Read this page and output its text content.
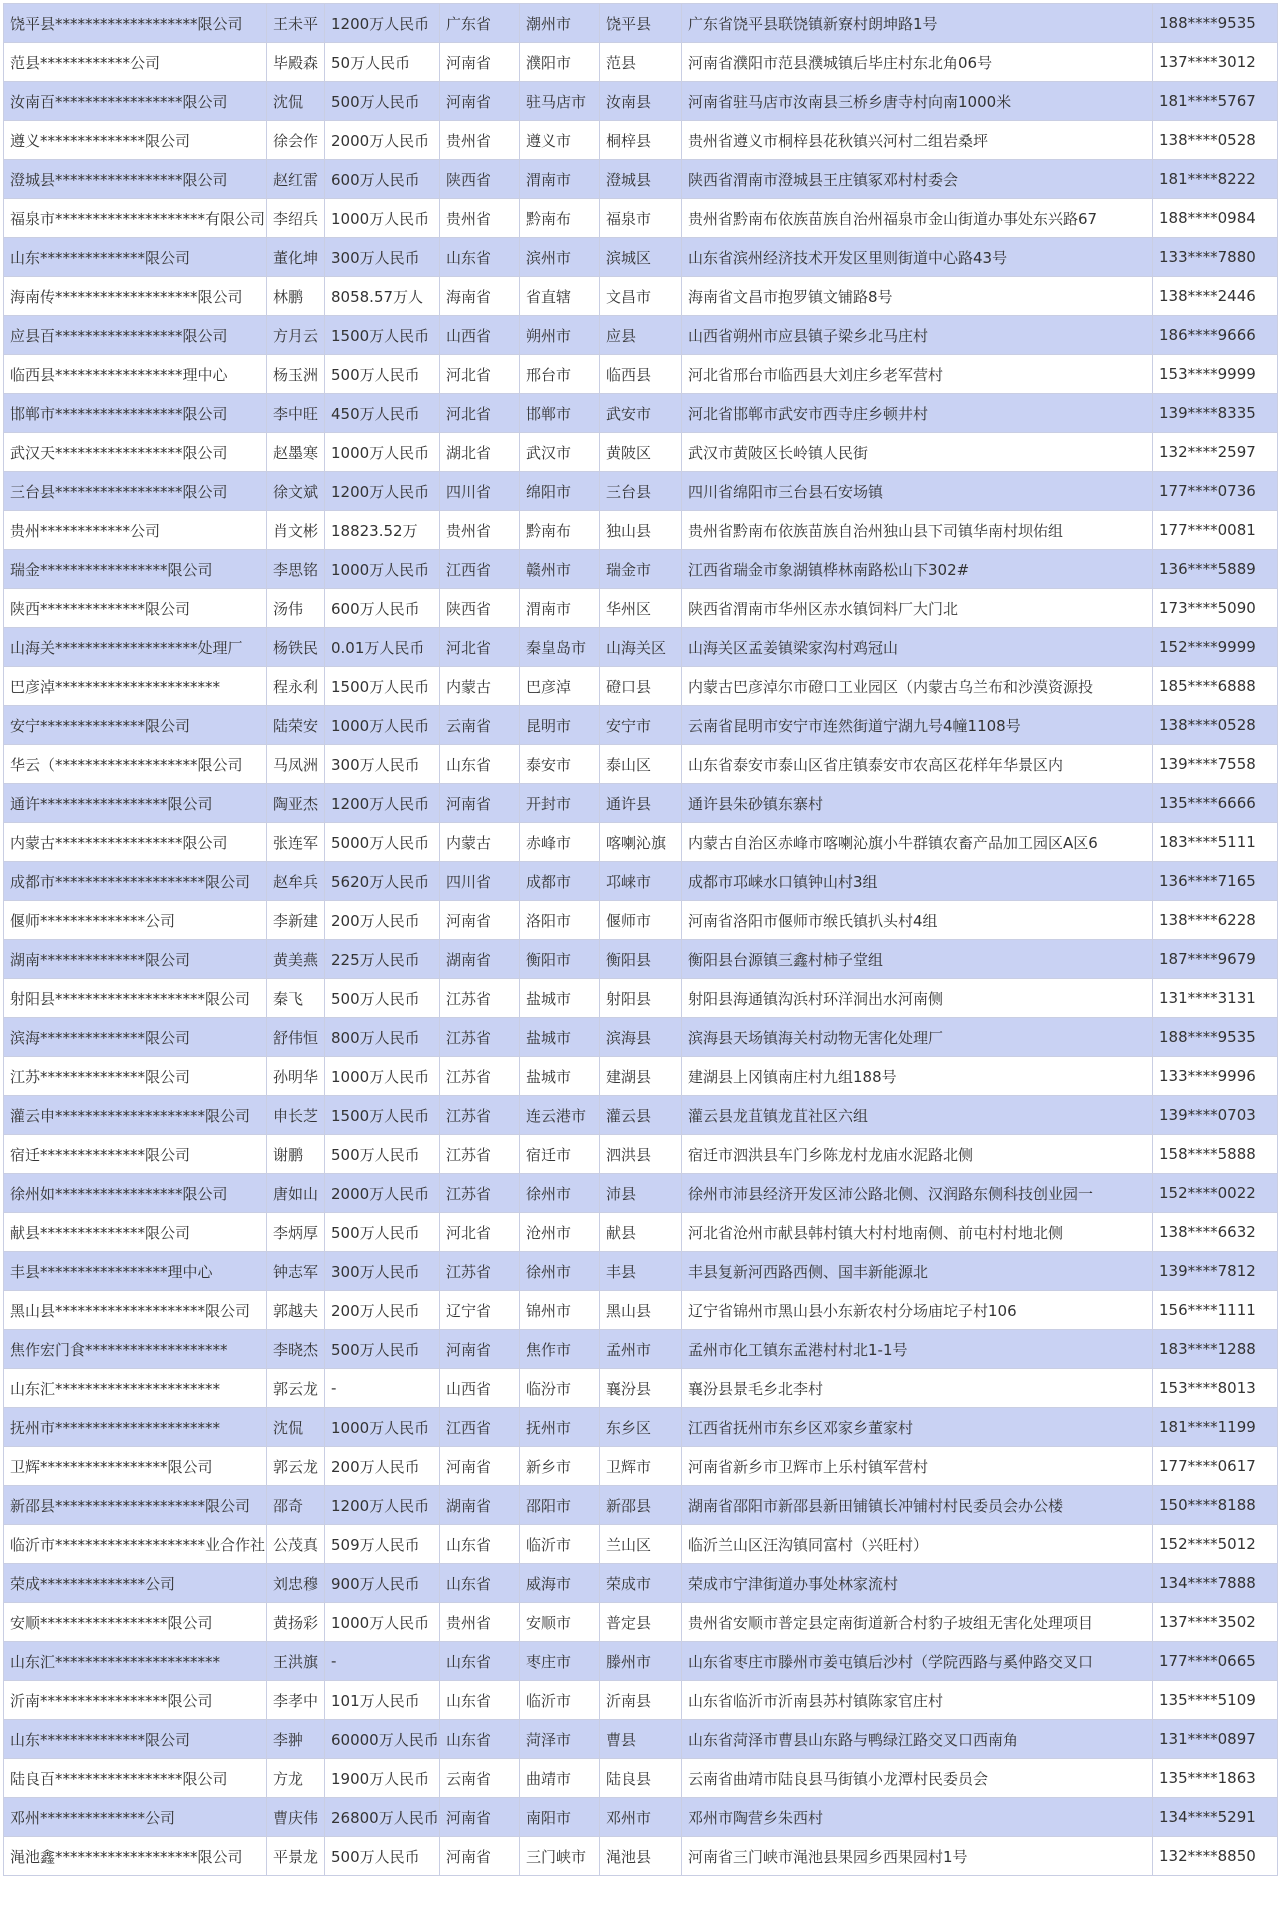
饶平县*******************限公司	王未平	1200万人民币	广东省	潮州市	饶平县	广东省饶平县联饶镇新寮村朗坤路1号	188****9535
范县************公司	毕殿森	50万人民币	河南省	濮阳市	范县	河南省濮阳市范县濮城镇后毕庄村东北角06号	137****3012
汝南百*****************限公司	沈侃	500万人民币	河南省	驻马店市	汝南县	河南省驻马店市汝南县三桥乡唐寺村向南1000米	181****5767
遵义**************限公司	徐会作	2000万人民币	贵州省	遵义市	桐梓县	贵州省遵义市桐梓县花秋镇兴河村二组岩桑坪	138****0528
澄城县*****************限公司	赵红雷	600万人民币	陕西省	渭南市	澄城县	陕西省渭南市澄城县王庄镇冢邓村村委会	181****8222
福泉市********************有限公司	李绍兵	1000万人民币	贵州省	黔南布	福泉市	贵州省黔南布依族苗族自治州福泉市金山街道办事处东兴路67	188****0984
山东**************限公司	董化坤	300万人民币	山东省	滨州市	滨城区	山东省滨州经济技术开发区里则街道中心路43号	133****7880
海南传*******************限公司	林鹏	8058.57万人	海南省	省直辖	文昌市	海南省文昌市抱罗镇文铺路8号	138****2446
应县百*****************限公司	方月云	1500万人民币	山西省	朔州市	应县	山西省朔州市应县镇子梁乡北马庄村	186****9666
临西县*****************理中心	杨玉洲	500万人民币	河北省	邢台市	临西县	河北省邢台市临西县大刘庄乡老军营村	153****9999
邯郸市*****************限公司	李中旺	450万人民币	河北省	邯郸市	武安市	河北省邯郸市武安市西寺庄乡顿井村	139****8335
武汉天*****************限公司	赵墨寒	1000万人民币	湖北省	武汉市	黄陂区	武汉市黄陂区长岭镇人民街	132****2597
三台县*****************限公司	徐文斌	1200万人民币	四川省	绵阳市	三台县	四川省绵阳市三台县石安场镇	177****0736
贵州************公司	肖文彬	18823.52万	贵州省	黔南布	独山县	贵州省黔南布依族苗族自治州独山县下司镇华南村坝佑组	177****0081
瑞金*****************限公司	李思铭	1000万人民币	江西省	赣州市	瑞金市	江西省瑞金市象湖镇桦林南路松山下302#	136****5889
陕西**************限公司	汤伟	600万人民币	陕西省	渭南市	华州区	陕西省渭南市华州区赤水镇饲料厂大门北	173****5090
山海关*******************处理厂	杨铁民	0.01万人民币	河北省	秦皇岛市	山海关区	山海关区孟姜镇梁家沟村鸡冠山	152****9999
巴彦淖**********************	程永利	1500万人民币	内蒙古	巴彦淖	磴口县	内蒙古巴彦淖尔市磴口工业园区（内蒙古乌兰布和沙漠资源投	185****6888
安宁**************限公司	陆荣安	1000万人民币	云南省	昆明市	安宁市	云南省昆明市安宁市连然街道宁湖九号4幢1108号	138****0528
华云（*******************限公司	马凤洲	300万人民币	山东省	泰安市	泰山区	山东省泰安市泰山区省庄镇泰安市农高区花样年华景区内	139****7558
通许*****************限公司	陶亚杰	1200万人民币	河南省	开封市	通许县	通许县朱砂镇东寨村	135****6666
内蒙古*****************限公司	张连军	5000万人民币	内蒙古	赤峰市	喀喇沁旗	内蒙古自治区赤峰市喀喇沁旗小牛群镇农畜产品加工园区A区6	183****5111
成都市********************限公司	赵牟兵	5620万人民币	四川省	成都市	邛崃市	成都市邛崃水口镇钟山村3组	136****7165
偃师**************公司	李新建	200万人民币	河南省	洛阳市	偃师市	河南省洛阳市偃师市缑氏镇扒头村4组	138****6228
湖南**************限公司	黄美燕	225万人民币	湖南省	衡阳市	衡阳县	衡阳县台源镇三鑫村柿子堂组	187****9679
射阳县********************限公司	秦飞	500万人民币	江苏省	盐城市	射阳县	射阳县海通镇沟浜村环洋洞出水河南侧	131****3131
滨海**************限公司	舒伟恒	800万人民币	江苏省	盐城市	滨海县	滨海县天场镇海关村动物无害化处理厂	188****9535
江苏**************限公司	孙明华	1000万人民币	江苏省	盐城市	建湖县	建湖县上冈镇南庄村九组188号	133****9996
灌云申********************限公司	申长芝	1500万人民币	江苏省	连云港市	灌云县	灌云县龙苴镇龙苴社区六组	139****0703
宿迁**************限公司	谢鹏	500万人民币	江苏省	宿迁市	泗洪县	宿迁市泗洪县车门乡陈龙村龙庙水泥路北侧	158****5888
徐州如*****************限公司	唐如山	2000万人民币	江苏省	徐州市	沛县	徐州市沛县经济开发区沛公路北侧、汉润路东侧科技创业园一	152****0022
献县**************限公司	李炳厚	500万人民币	河北省	沧州市	献县	河北省沧州市献县韩村镇大村村地南侧、前屯村村地北侧	138****6632
丰县*****************理中心	钟志军	300万人民币	江苏省	徐州市	丰县	丰县复新河西路西侧、国丰新能源北	139****7812
黑山县********************限公司	郭越夫	200万人民币	辽宁省	锦州市	黑山县	辽宁省锦州市黑山县小东新农村分场庙坨子村106	156****1111
焦作宏门食*******************	李晓杰	500万人民币	河南省	焦作市	孟州市	孟州市化工镇东孟港村村北1-1号	183****1288
山东汇**********************	郭云龙	-	山西省	临汾市	襄汾县	襄汾县景毛乡北李村	153****8013
抚州市**********************	沈侃	1000万人民币	江西省	抚州市	东乡区	江西省抚州市东乡区邓家乡董家村	181****1199
卫辉*****************限公司	郭云龙	200万人民币	河南省	新乡市	卫辉市	河南省新乡市卫辉市上乐村镇军营村	177****0617
新邵县********************限公司	邵奇	1200万人民币	湖南省	邵阳市	新邵县	湖南省邵阳市新邵县新田铺镇长冲铺村村民委员会办公楼	150****8188
临沂市********************业合作社	公茂真	509万人民币	山东省	临沂市	兰山区	临沂兰山区汪沟镇同富村（兴旺村）	152****5012
荣成**************公司	刘忠穆	900万人民币	山东省	威海市	荣成市	荣成市宁津街道办事处林家流村	134****7888
安顺*****************限公司	黄扬彩	1000万人民币	贵州省	安顺市	普定县	贵州省安顺市普定县定南街道新合村豹子坡组无害化处理项目	137****3502
山东汇**********************	王洪旗	-	山东省	枣庄市	滕州市	山东省枣庄市滕州市姜屯镇后沙村（学院西路与奚仲路交叉口	177****0665
沂南*****************限公司	李孝中	101万人民币	山东省	临沂市	沂南县	山东省临沂市沂南县苏村镇陈家官庄村	135****5109
山东**************限公司	李翀	60000万人民币	山东省	菏泽市	曹县	山东省菏泽市曹县山东路与鸭绿江路交叉口西南角	131****0897
陆良百*****************限公司	方龙	1900万人民币	云南省	曲靖市	陆良县	云南省曲靖市陆良县马街镇小龙潭村民委员会	135****1863
邓州**************公司	曹庆伟	26800万人民币	河南省	南阳市	邓州市	邓州市陶营乡朱西村	134****5291
渑池鑫*******************限公司	平景龙	500万人民币	河南省	三门峡市	渑池县	河南省三门峡市渑池县果园乡西果园村1号	132****8850
